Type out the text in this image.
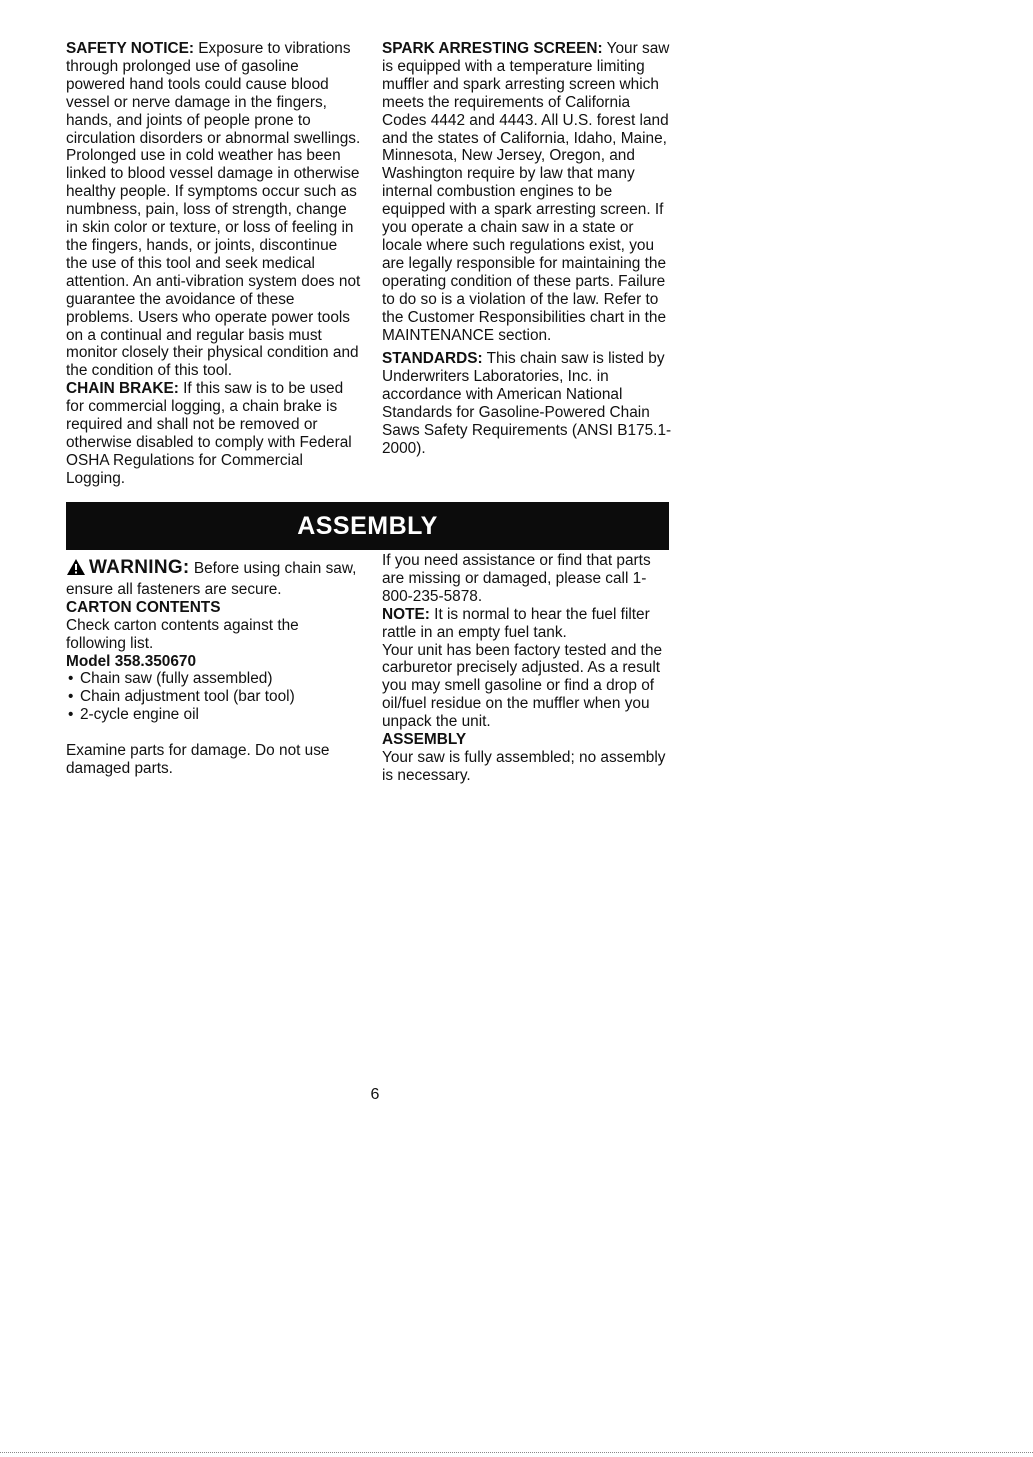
SAFETY NOTICE: Exposure to vibrations through prolonged use of gasoline powered hand tools could cause blood vessel or nerve damage in the fingers, hands, and joints of people prone to circulation disorders or abnormal swellings. Prolonged use in cold weather has been linked to blood vessel damage in otherwise healthy people. If symptoms occur such as numbness, pain, loss of strength, change in skin color or texture, or loss of feeling in the fingers, hands, or joints, discontinue the use of this tool and seek medical attention. An anti-vibration system does not guarantee the avoidance of these problems. Users who operate power tools on a continual and regular basis must monitor closely their physical condition and the condition of this tool.

CHAIN BRAKE: If this saw is to be used for commercial logging, a chain brake is required and shall not be removed or otherwise disabled to comply with Federal OSHA Regulations for Commercial Logging.

SPARK ARRESTING SCREEN: Your saw is equipped with a temperature limiting muffler and spark arresting screen which meets the requirements of California Codes 4442 and 4443. All U.S. forest land and the states of California, Idaho, Maine, Minnesota, New Jersey, Oregon, and Washington require by law that many internal combustion engines to be equipped with a spark arresting screen. If you operate a chain saw in a state or locale where such regulations exist, you are legally responsible for maintaining the operating condition of these parts. Failure to do so is a violation of the law. Refer to the Customer Responsibilities chart in the MAINTENANCE section.

STANDARDS: This chain saw is listed by Underwriters Laboratories, Inc. in accordance with American National Standards for Gasoline-Powered Chain Saws Safety Requirements (ANSI B175.1-2000).

ASSEMBLY

WARNING: Before using chain saw, ensure all fasteners are secure.

CARTON CONTENTS

Check carton contents against the following list.

Model 358.350670

• Chain saw (fully assembled)
• Chain adjustment tool (bar tool)
• 2-cycle engine oil

Examine parts for damage. Do not use damaged parts.

If you need assistance or find that parts are missing or damaged, please call 1-800-235-5878.

NOTE: It is normal to hear the fuel filter rattle in an empty fuel tank.

Your unit has been factory tested and the carburetor precisely adjusted. As a result you may smell gasoline or find a drop of oil/fuel residue on the muffler when you unpack the unit.

ASSEMBLY

Your saw is fully assembled; no assembly is necessary.

6
